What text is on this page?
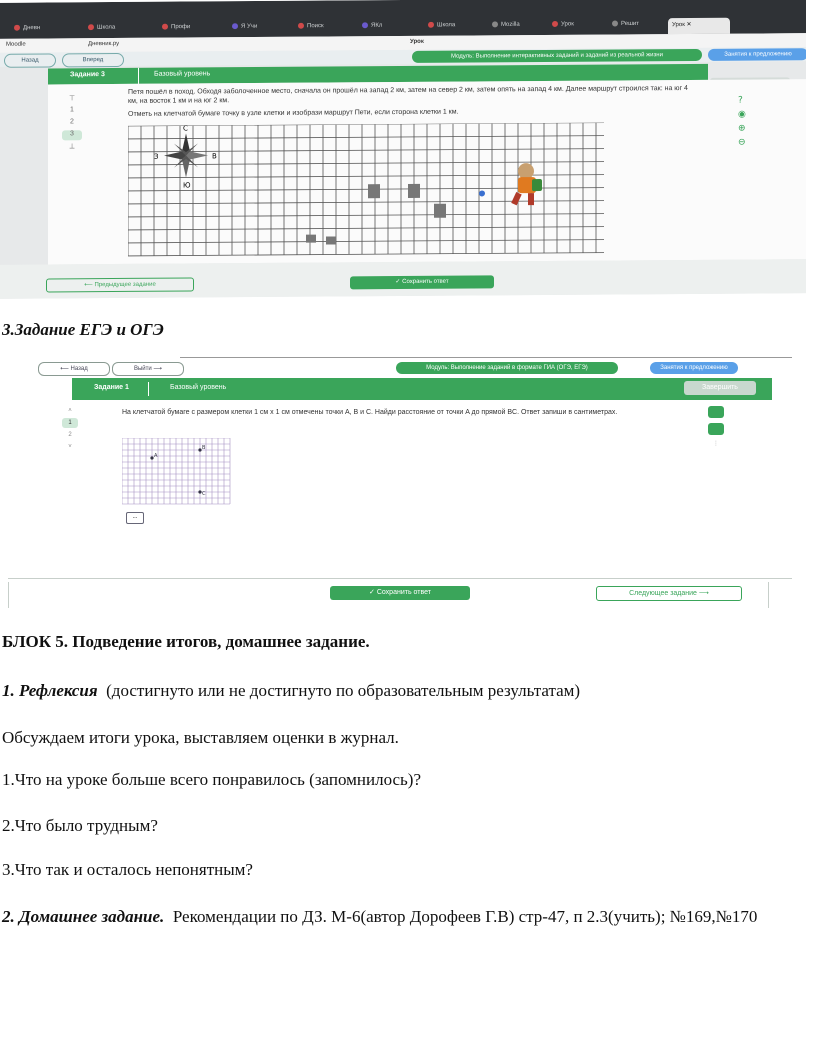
Дневн	Школа	Профи	Я Учи	Поиск	ЯКл	Школа	Mozilla	Урок	Решит	Урок ✕
Moodle	Дневник.ру	Урок
Назад	Вперед
Модуль: Выполнение интерактивных заданий и заданий из реальной жизни	Занятия к предложению
Задание 3	Базовый уровень
Петя пошёл в поход. Обходя заболоченное место, сначала он прошёл на запад 2 км, затем на север 2 км, затем опять на запад 4 км. Далее маршрут строился так: на юг 4 км, на восток 1 км и на юг 2 км.
Отметь на клетчатой бумаге точку в узле клетки и изобрази маршрут Пети, если сторона клетки 1 км.
С
Ю
З	В
⊤
1
2
3
⊥
?
◉
⊕
⊖
⟵ Предыдущее задание	✓ Сохранить ответ
3.Задание ЕГЭ и ОГЭ
⟵ Назад	Выйти ⟶	Модуль: Выполнение заданий в формате ГИА (ОГЭ, ЕГЭ)	Занятия к предложению
Задание 1	Базовый уровень	Завершить
˄
1
2
˅
На клетчатой бумаге с размером клетки 1 см х 1 см отмечены точки A, B и C. Найди расстояние от точки A до прямой BC. Ответ запиши в сантиметрах.
A
B
C
...
⋮
✓ Сохранить ответ	Следующее задание ⟶
БЛОК 5. Подведение итогов, домашнее задание.
1. Рефлексия (достигнуто или не достигнуто по образовательным результатам)
Обсуждаем итоги урока, выставляем оценки в журнал.
1.Что на уроке больше всего понравилось (запомнилось)?
2.Что было трудным?
3.Что так и осталось непонятным?
2. Домашнее задание. Рекомендации по ДЗ. М-6(автор Дорофеев Г.В) стр-47, п 2.3(учить); №169,№170
